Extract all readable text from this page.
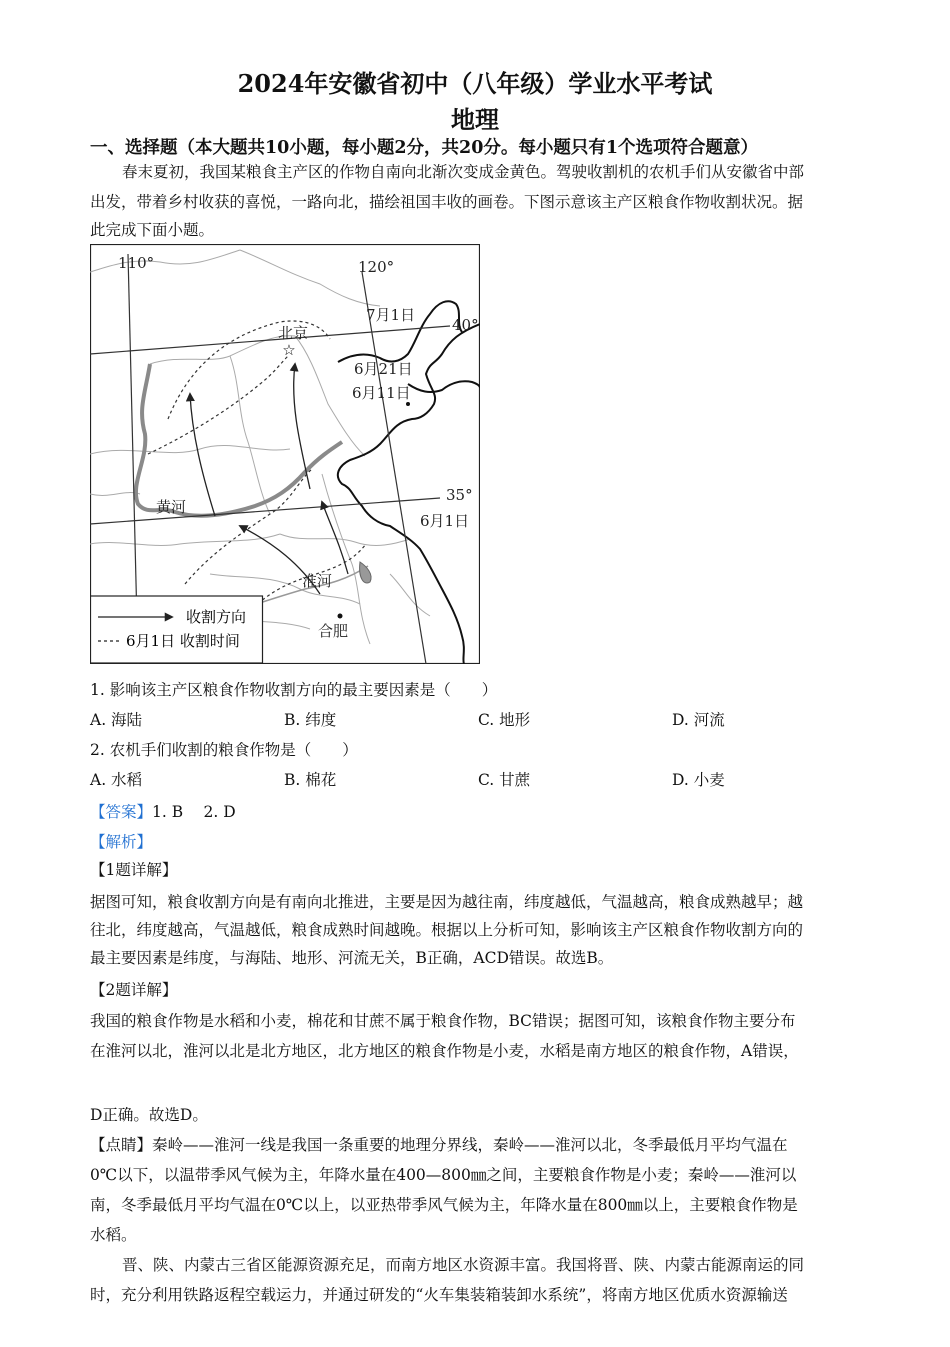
2024年安徽省初中（八年级）学业水平考试
地理
一、选择题（本大题共10小题，每小题2分，共20分。每小题只有1个选项符合题意）
春末夏初，我国某粮食主产区的作物自南向北渐次变成金黄色。驾驶收割机的农机手们从安徽省中部
出发，带着乡村收获的喜悦，一路向北，描绘祖国丰收的画卷。下图示意该主产区粮食作物收割状况。据
此完成下面小题。
☆
110°	120°
40°
35°
北京
7月1日
6月21日
6月11日
6月1日
黄河
淮河
合肥
收割方向
6月1日 收割时间
1. 影响该主产区粮食作物收割方向的最主要因素是（　　）
A. 海陆	B. 纬度	C. 地形	D. 河流
2. 农机手们收割的粮食作物是（　　）
A. 水稻	B. 棉花	C. 甘蔗	D. 小麦
【答案】1. B　 2. D
【解析】
【1题详解】
据图可知，粮食收割方向是有南向北推进，主要是因为越往南，纬度越低，气温越高，粮食成熟越早；越
往北，纬度越高，气温越低，粮食成熟时间越晚。根据以上分析可知，影响该主产区粮食作物收割方向的
最主要因素是纬度，与海陆、地形、河流无关，B正确，ACD错误。故选B。
【2题详解】
我国的粮食作物是水稻和小麦，棉花和甘蔗不属于粮食作物，BC错误；据图可知，该粮食作物主要分布
在淮河以北，淮河以北是北方地区，北方地区的粮食作物是小麦，水稻是南方地区的粮食作物，A错误，
D正确。故选D。
【点睛】秦岭——淮河一线是我国一条重要的地理分界线，秦岭——淮河以北，冬季最低月平均气温在
0℃以下，以温带季风气候为主，年降水量在400—800㎜之间，主要粮食作物是小麦；秦岭——淮河以
南，冬季最低月平均气温在0℃以上，以亚热带季风气候为主，年降水量在800㎜以上，主要粮食作物是
水稻。
晋、陕、内蒙古三省区能源资源充足，而南方地区水资源丰富。我国将晋、陕、内蒙古能源南运的同
时，充分利用铁路返程空载运力，并通过研发的“火车集装箱装卸水系统”，将南方地区优质水资源输送
